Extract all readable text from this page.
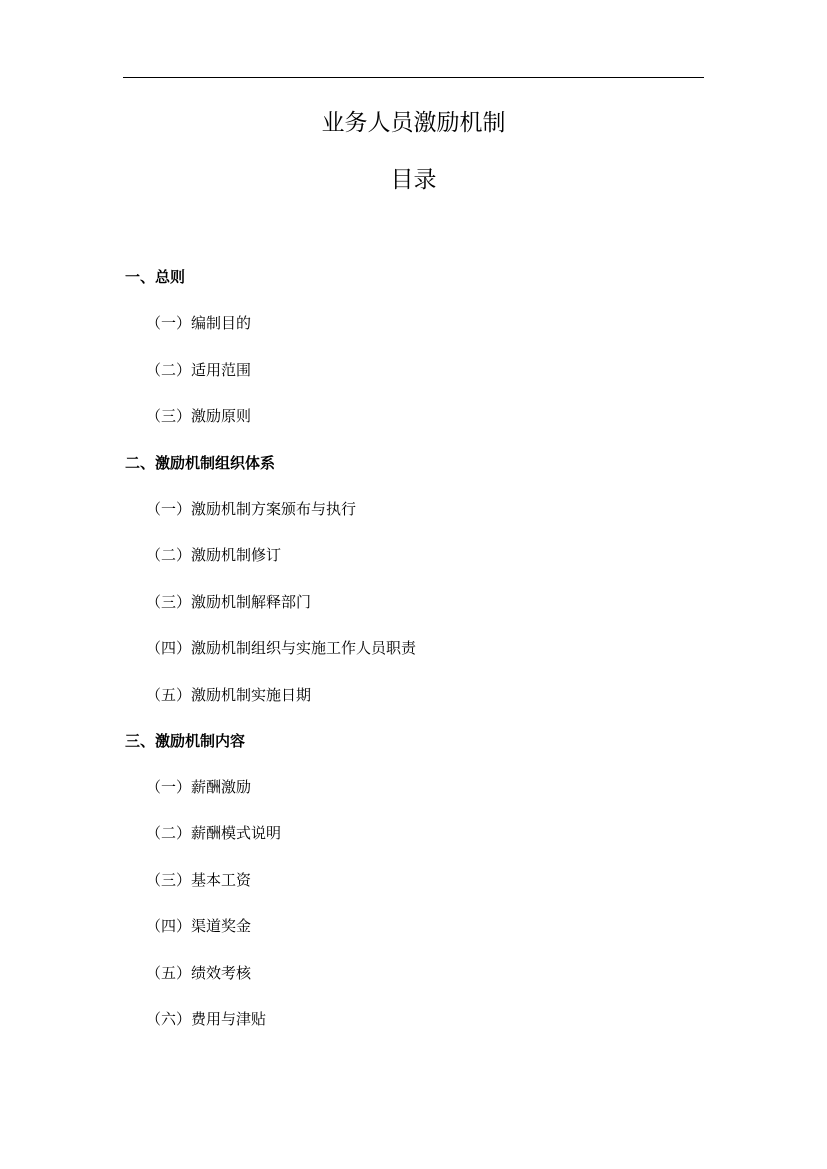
业务人员激励机制
目录
一、总则
（一）编制目的
（二）适用范围
（三）激励原则
二、激励机制组织体系
（一）激励机制方案颁布与执行
（二）激励机制修订
（三）激励机制解释部门
（四）激励机制组织与实施工作人员职责
（五）激励机制实施日期
三、激励机制内容
（一）薪酬激励
（二）薪酬模式说明
（三）基本工资
（四）渠道奖金
（五）绩效考核
（六）费用与津贴
